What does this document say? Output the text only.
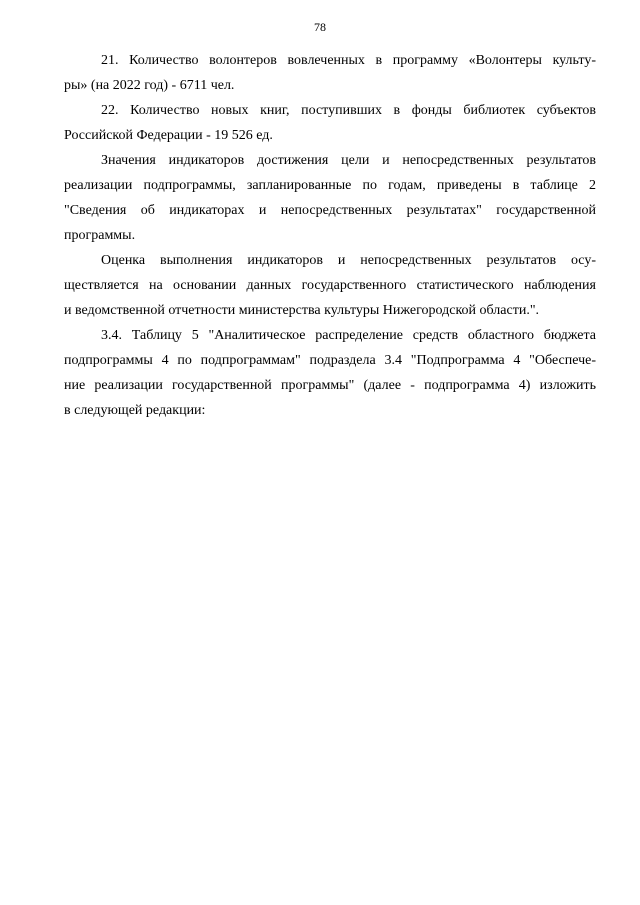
78

21. Количество волонтеров вовлеченных в программу «Волонтеры культу-
ры» (на 2022 год) - 6711 чел.

22. Количество новых книг, поступивших в фонды библиотек субъектов
Российской Федерации - 19 526 ед.

Значения индикаторов достижения цели и непосредственных результатов
реализации подпрограммы, запланированные по годам, приведены в таблице 2
"Сведения об индикаторах и непосредственных результатах" государственной
программы.

Оценка выполнения индикаторов и непосредственных результатов осу-
ществляется на основании данных государственного статистического наблюдения
и ведомственной отчетности министерства культуры Нижегородской области.".

3.4. Таблицу 5 "Аналитическое распределение средств областного бюджета
подпрограммы 4 по подпрограммам" подраздела 3.4 "Подпрограмма 4 "Обеспече-
ние реализации государственной программы" (далее - подпрограмма 4) изложить
в следующей редакции:
